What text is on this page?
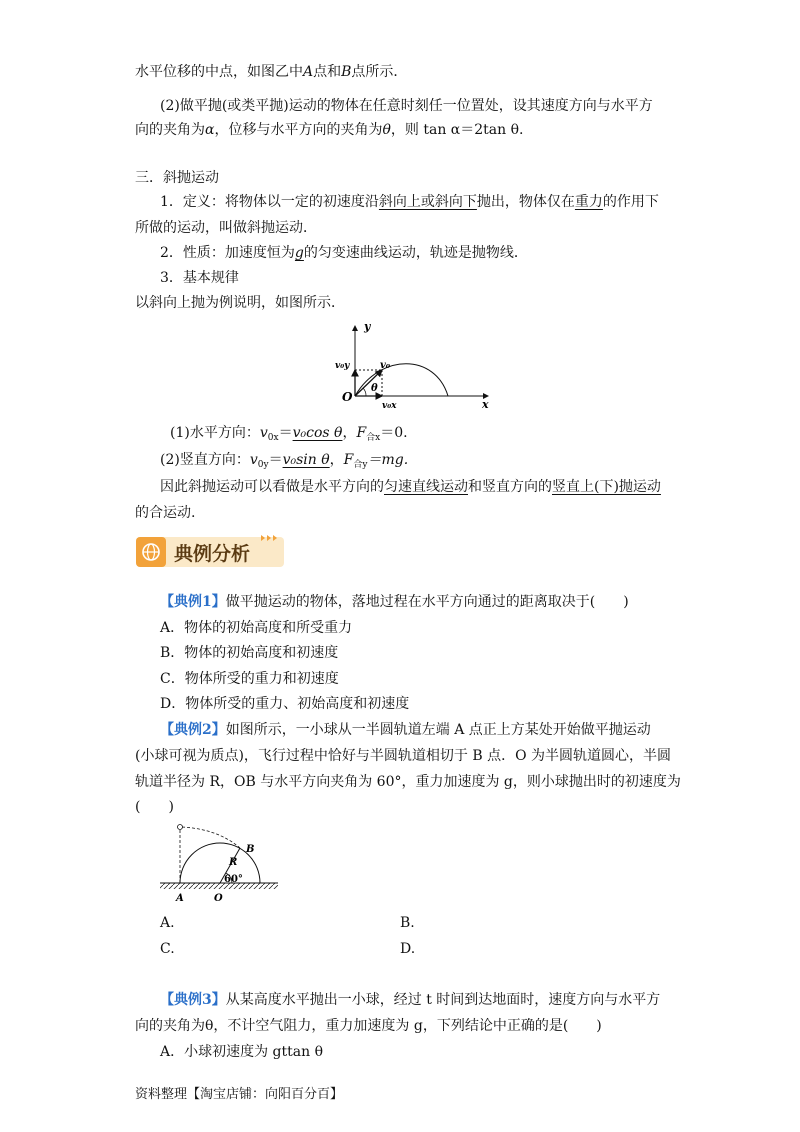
水平位移的中点，如图乙中A点和B点所示．
(2)做平抛(或类平抛)运动的物体在任意时刻任一位置处，设其速度方向与水平方
向的夹角为α，位移与水平方向的夹角为θ，则 tan α＝2tan θ.
三．斜抛运动
1．定义：将物体以一定的初速度沿斜向上或斜向下抛出，物体仅在重力的作用下
所做的运动，叫做斜抛运动．
2．性质：加速度恒为g的匀变速曲线运动，轨迹是抛物线．
3．基本规律
以斜向上抛为例说明，如图所示．
y
x
O
v₀
v₀y
v₀x
θ
(1)水平方向：$v_{0x}=v_0\cos$ θ，$F_{合x}=0$.
(2)竖直方向：$v_{0y}=v_0\sin$ θ，$F_{合y}=mg$.
因此斜抛运动可以看做是水平方向的匀速直线运动和竖直方向的竖直上(下)抛运动
的合运动.
典例分析
【典例1】做平抛运动的物体，落地过程在水平方向通过的距离取决于(　　)
A．物体的初始高度和所受重力
B．物体的初始高度和初速度
C．物体所受的重力和初速度
D．物体所受的重力、初始高度和初速度
【典例2】如图所示，一小球从一半圆轨道左端 A 点正上方某处开始做平抛运动
(小球可视为质点)，飞行过程中恰好与半圆轨道相切于 B 点．O 为半圆轨道圆心，半圆
轨道半径为 R，OB 与水平方向夹角为 60°，重力加速度为 g，则小球抛出时的初速度为
(　　)
B
R
60°
A	O
A.	B.
C.	D.
【典例3】从某高度水平抛出一小球，经过 t 时间到达地面时，速度方向与水平方
向的夹角为θ，不计空气阻力，重力加速度为 g，下列结论中正确的是(　　)
A．小球初速度为 gttan θ
资料整理【淘宝店铺：向阳百分百】
